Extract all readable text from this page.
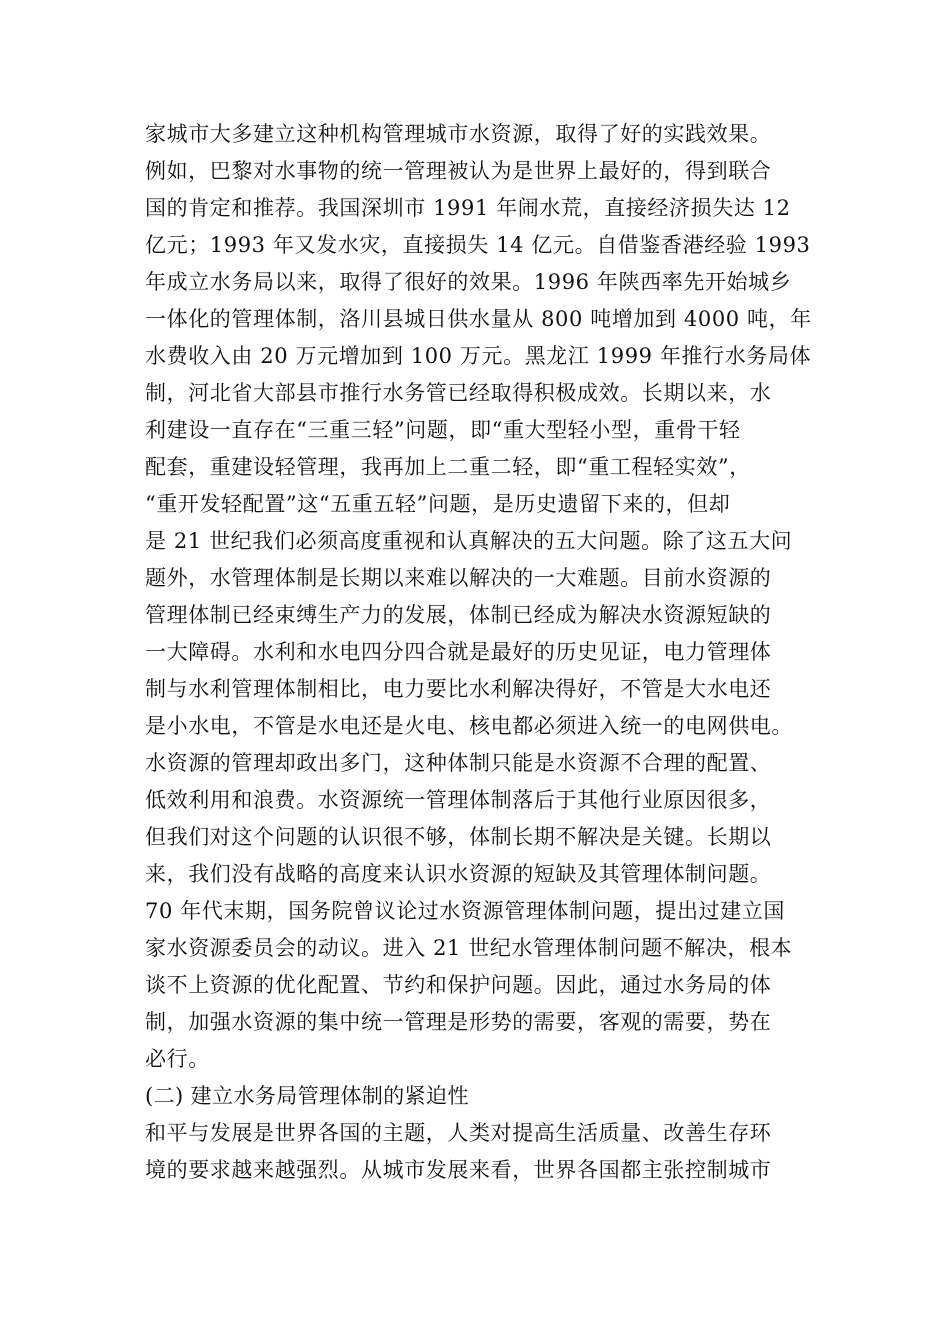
家城市大多建立这种机构管理城市水资源，取得了好的实践效果。
例如，巴黎对水事物的统一管理被认为是世界上最好的，得到联合
国的肯定和推荐。我国深圳市 1991 年闹水荒，直接经济损失达 12
亿元；1993 年又发水灾，直接损失 14 亿元。自借鉴香港经验 1993
年成立水务局以来，取得了很好的效果。1996 年陕西率先开始城乡
一体化的管理体制，洛川县城日供水量从 800 吨增加到 4000 吨，年
水费收入由 20 万元增加到 100 万元。黑龙江 1999 年推行水务局体
制，河北省大部县市推行水务管已经取得积极成效。长期以来，水
利建设一直存在“三重三轻”问题，即“重大型轻小型，重骨干轻
配套，重建设轻管理，我再加上二重二轻，即“重工程轻实效”，
“重开发轻配置”这“五重五轻”问题，是历史遗留下来的，但却
是 21 世纪我们必须高度重视和认真解决的五大问题。除了这五大问
题外，水管理体制是长期以来难以解决的一大难题。目前水资源的
管理体制已经束缚生产力的发展，体制已经成为解决水资源短缺的
一大障碍。水利和水电四分四合就是最好的历史见证，电力管理体
制与水利管理体制相比，电力要比水利解决得好，不管是大水电还
是小水电，不管是水电还是火电、核电都必须进入统一的电网供电。
水资源的管理却政出多门，这种体制只能是水资源不合理的配置、
低效利用和浪费。水资源统一管理体制落后于其他行业原因很多，
但我们对这个问题的认识很不够，体制长期不解决是关键。长期以
来，我们没有战略的高度来认识水资源的短缺及其管理体制问题。
70 年代末期，国务院曾议论过水资源管理体制问题，提出过建立国
家水资源委员会的动议。进入 21 世纪水管理体制问题不解决，根本
谈不上资源的优化配置、节约和保护问题。因此，通过水务局的体
制，加强水资源的集中统一管理是形势的需要，客观的需要，势在
必行。
(二) 建立水务局管理体制的紧迫性
和平与发展是世界各国的主题，人类对提高生活质量、改善生存环
境的要求越来越强烈。从城市发展来看，世界各国都主张控制城市
